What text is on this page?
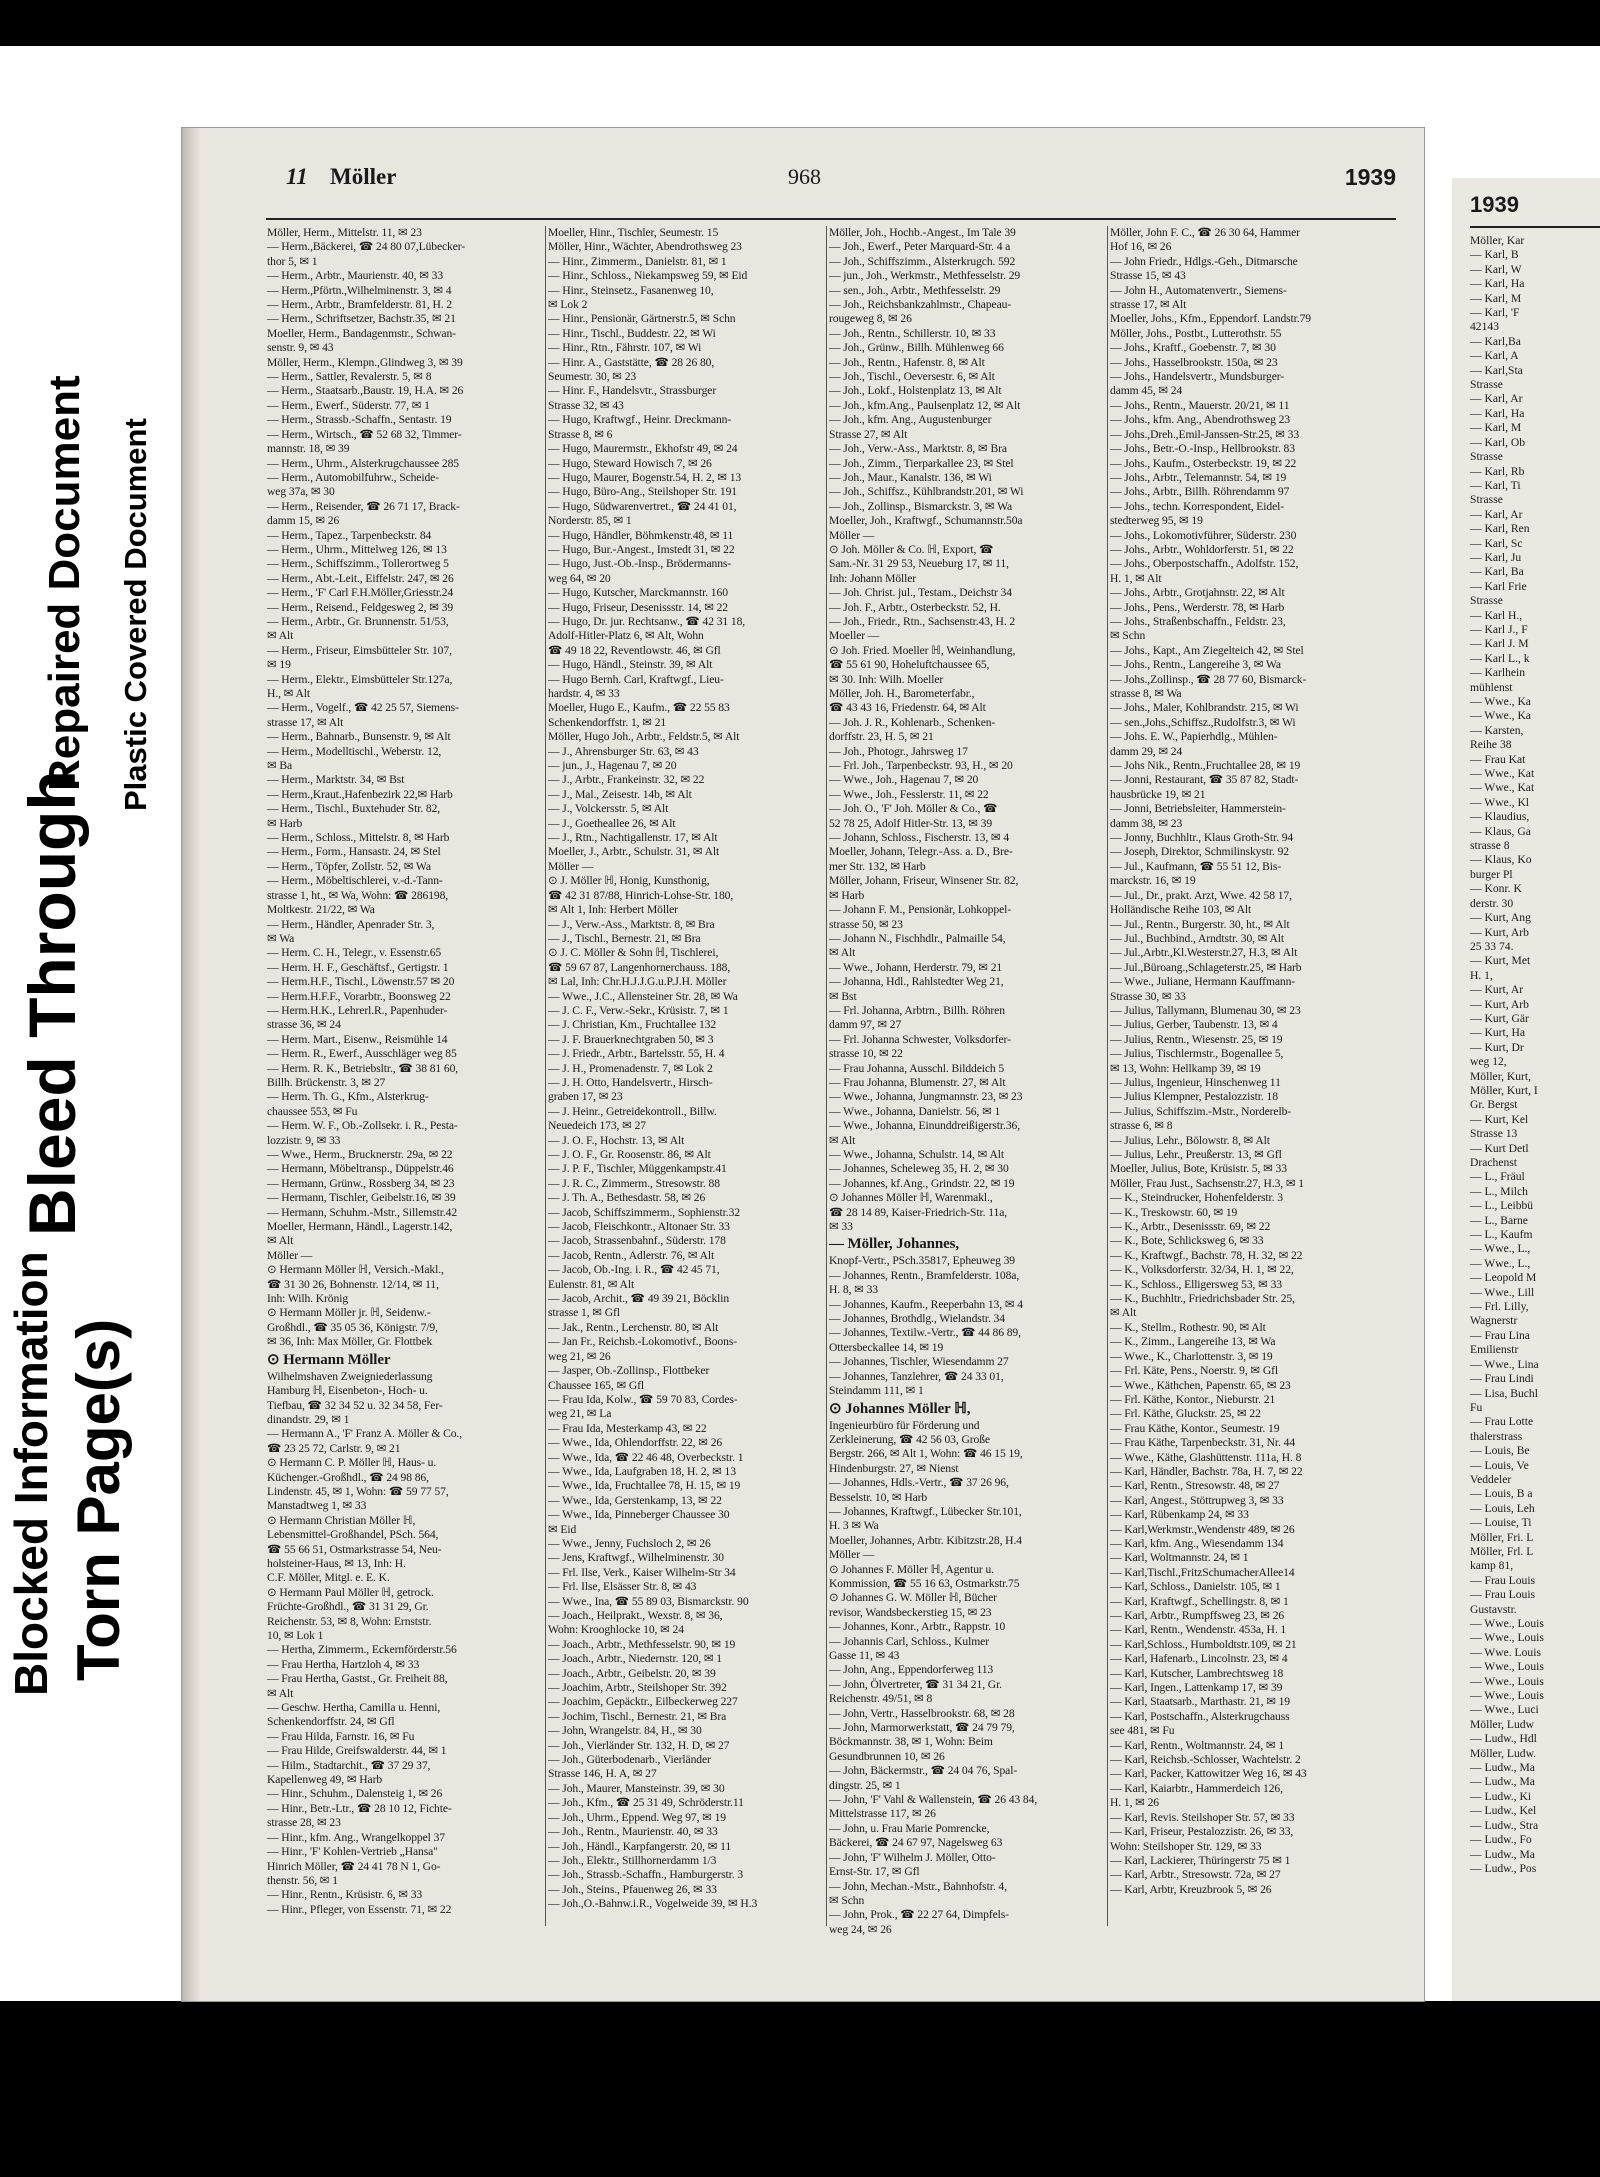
Blocked Information Torn Page(s)
Bleed Through
Repaired Document Plastic Covered Document
11 Möller	968	1939
Möller, Herm., Mittelstr. 11, ✉ 23
— Herm.,Bäckerei, ☎ 24 80 07,Lübecker-
thor 5, ✉ 1
— Herm., Arbtr., Maurienstr. 40, ✉ 33
— Herm.,Pförtn.,Wilhelminenstr. 3, ✉ 4
— Herm., Arbtr., Bramfelderstr. 81, H. 2
— Herm., Schriftsetzer, Bachstr.35, ✉ 21
Moeller, Herm., Bandagenmstr., Schwan-
senstr. 9, ✉ 43
Möller, Herm., Klempn.,Glindweg 3, ✉ 39
— Herm., Sattler, Revalerstr. 5, ✉ 8
— Herm., Staatsarb.,Baustr. 19, H.A. ✉ 26
— Herm., Ewerf., Süderstr. 77, ✉ 1
— Herm., Strassb.-Schaffn., Sentastr. 19
— Herm., Wirtsch., ☎ 52 68 32, Timmer-
mannstr. 18, ✉ 39
— Herm., Uhrm., Alsterkrugchaussee 285
— Herm., Automobilfuhrw., Scheide-
weg 37a, ✉ 30
— Herm., Reisender, ☎ 26 71 17, Brack-
damm 15, ✉ 26
— Herm., Tapez., Tarpenbeckstr. 84
— Herm., Uhrm., Mittelweg 126, ✉ 13
— Herm., Schiffszimm., Tollerortweg 5
— Herm., Abt.-Leit., Eiffelstr. 247, ✉ 26
— Herm., 'F' Carl F.H.Möller,Griesstr.24
— Herm., Reisend., Feldgesweg 2, ✉ 39
— Herm., Arbtr., Gr. Brunnenstr. 51/53,
✉ Alt
— Herm., Friseur, Eimsbütteler Str. 107,
✉ 19
— Herm., Elektr., Eimsbütteler Str.127a,
H., ✉ Alt
— Herm., Vogelf., ☎ 42 25 57, Siemens-
strasse 17, ✉ Alt
— Herm., Bahnarb., Bunsenstr. 9, ✉ Alt
— Herm., Modelltischl., Weberstr. 12,
✉ Ba
— Herm., Marktstr. 34, ✉ Bst
— Herm.,Kraut.,Hafenbezirk 22,✉ Harb
— Herm., Tischl., Buxtehuder Str. 82,
✉ Harb
— Herm., Schloss., Mittelstr. 8, ✉ Harb
— Herm., Form., Hansastr. 24, ✉ Stel
— Herm., Töpfer, Zollstr. 52, ✉ Wa
— Herm., Möbeltischlerei, v.-d.-Tann-
strasse 1, ht., ✉ Wa, Wohn: ☎ 286198,
Moltkestr. 21/22, ✉ Wa
— Herm., Händler, Apenrader Str. 3,
✉ Wa
— Herm. C. H., Telegr., v. Essenstr.65
— Herm. H. F., Geschäftsf., Gertigstr. 1
— Herm.H.F., Tischl., Löwenstr.57 ✉ 20
— Herm.H.F.F., Vorarbtr., Boonsweg 22
— Herm.H.K., Lehrerl.R., Papenhuder-
strasse 36, ✉ 24
— Herm. Mart., Eisenw., Reismühle 14
— Herm. R., Ewerf., Ausschläger weg 85
— Herm. R. K., Betriebsltr., ☎ 38 81 60,
Billh. Brückenstr. 3, ✉ 27
— Herm. Th. G., Kfm., Alsterkrug-
chaussee 553, ✉ Fu
— Herm. W. F., Ob.-Zollsekr. i. R., Pesta-
lozzistr. 9, ✉ 33
— Wwe., Herm., Brucknerstr. 29a, ✉ 22
— Hermann, Möbeltransp., Düppelstr.46
— Hermann, Grünw., Rossberg 34, ✉ 23
— Hermann, Tischler, Geibelstr.16, ✉ 39
— Hermann, Schuhm.-Mstr., Sillemstr.42
Moeller, Hermann, Händl., Lagerstr.142,
✉ Alt
Möller —
⊙ Hermann Möller ℍ, Versich.-Makl.,
☎ 31 30 26, Bohnenstr. 12/14, ✉ 11,
Inh: Wilh. Krönig
⊙ Hermann Möller jr. ℍ, Seidenw.-
Großhdl., ☎ 35 05 36, Königstr. 7/9,
✉ 36, Inh: Max Möller, Gr. Flottbek
⊙ Hermann Möller
Wilhelmshaven Zweigniederlassung
Hamburg ℍ, Eisenbeton-, Hoch- u.
Tiefbau, ☎ 32 34 52 u. 32 34 58, Fer-
dinandstr. 29, ✉ 1
— Hermann A., 'F' Franz A. Möller & Co.,
☎ 23 25 72, Carlstr. 9, ✉ 21
⊙ Hermann C. P. Möller ℍ, Haus- u.
Küchenger.-Großhdl., ☎ 24 98 86,
Lindenstr. 45, ✉ 1, Wohn: ☎ 59 77 57,
Manstadtweg 1, ✉ 33
⊙ Hermann Christian Möller ℍ,
Lebensmittel-Großhandel, PSch. 564,
☎ 55 66 51, Ostmarkstrasse 54, Neu-
holsteiner-Haus, ✉ 13, Inh: H.
C.F. Möller, Mitgl. e. E. K.
⊙ Hermann Paul Möller ℍ, getrock.
Früchte-Großhdl., ☎ 31 31 29, Gr.
Reichenstr. 53, ✉ 8, Wohn: Ernststr.
10, ✉ Lok 1
— Hertha, Zimmerm., Eckernförderstr.56
— Frau Hertha, Hartzloh 4, ✉ 33
— Frau Hertha, Gastst., Gr. Freiheit 88,
✉ Alt
— Geschw. Hertha, Camilla u. Henni,
Schenkendorffstr. 24, ✉ Gfl
— Frau Hilda, Farnstr. 16, ✉ Fu
— Frau Hilde, Greifswalderstr. 44, ✉ 1
— Hilm., Stadtarchit., ☎ 37 29 37,
Kapellenweg 49, ✉ Harb
— Hinr., Schuhm., Dalensteig 1, ✉ 26
— Hinr., Betr.-Ltr., ☎ 28 10 12, Fichte-
strasse 28, ✉ 23
— Hinr., kfm. Ang., Wrangelkoppel 37
— Hinr., 'F' Kohlen-Vertrieb „Hansa"
Hinrich Möller, ☎ 24 41 78 N 1, Go-
thenstr. 56, ✉ 1
— Hinr., Rentn., Krüsistr. 6, ✉ 33
— Hinr., Pfleger, von Essenstr. 71, ✉ 22
Moeller, Hinr., Tischler, Seumestr. 15
Möller, Hinr., Wächter, Abendrothsweg 23
— Hinr., Zimmerm., Danielstr. 81, ✉ 1
— Hinr., Schloss., Niekampsweg 59, ✉ Eid
— Hinr., Steinsetz., Fasanenweg 10,
✉ Lok 2
— Hinr., Pensionär, Gärtnerstr.5, ✉ Schn
— Hinr., Tischl., Buddestr. 22, ✉ Wi
— Hinr., Rtn., Fährstr. 107, ✉ Wi
— Hinr. A., Gaststätte, ☎ 28 26 80,
Seumestr. 30, ✉ 23
— Hinr. F., Handelsvtr., Strassburger
Strasse 32, ✉ 43
— Hugo, Kraftwgf., Heinr. Dreckmann-
Strasse 8, ✉ 6
— Hugo, Maurermstr., Ekhofstr 49, ✉ 24
— Hugo, Steward Howisch 7, ✉ 26
— Hugo, Maurer, Bogenstr.54, H. 2, ✉ 13
— Hugo, Büro-Ang., Steilshoper Str. 191
— Hugo, Südwarenvertret., ☎ 24 41 01,
Norderstr. 85, ✉ 1
— Hugo, Händler, Böhmkenstr.48, ✉ 11
— Hugo, Bur.-Angest., Imstedt 31, ✉ 22
— Hugo, Just.-Ob.-Insp., Brödermanns-
weg 64, ✉ 20
— Hugo, Kutscher, Marckmannstr. 160
— Hugo, Friseur, Desenissstr. 14, ✉ 22
— Hugo, Dr. jur. Rechtsanw., ☎ 42 31 18,
Adolf-Hitler-Platz 6, ✉ Alt, Wohn
☎ 49 18 22, Reventlowstr. 46, ✉ Gfl
— Hugo, Händl., Steinstr. 39, ✉ Alt
— Hugo Bernh. Carl, Kraftwgf., Lieu-
hardstr. 4, ✉ 33
Moeller, Hugo E., Kaufm., ☎ 22 55 83
Schenkendorffstr. 1, ✉ 21
Möller, Hugo Joh., Arbtr., Feldstr.5, ✉ Alt
— J., Ahrensburger Str. 63, ✉ 43
— jun., J., Hagenau 7, ✉ 20
— J., Arbtr., Frankeinstr. 32, ✉ 22
— J., Mal., Zeisestr. 14b, ✉ Alt
— J., Volckersstr. 5, ✉ Alt
— J., Goetheallee 26, ✉ Alt
— J., Rtn., Nachtigallenstr. 17, ✉ Alt
Moeller, J., Arbtr., Schulstr. 31, ✉ Alt
Möller —
⊙ J. Möller ℍ, Honig, Kunsthonig,
☎ 42 31 87/88, Hinrich-Lohse-Str. 180,
✉ Alt 1, Inh: Herbert Möller
— J., Verw.-Ass., Marktstr. 8, ✉ Bra
— J., Tischl., Bernestr. 21, ✉ Bra
⊙ J. C. Möller & Sohn ℍ, Tischlerei,
☎ 59 67 87, Langenhornerchauss. 188,
✉ Lal, Inh: Chr.H.J.J.G.u.P.J.H. Möller
— Wwe., J.C., Allensteiner Str. 28, ✉ Wa
— J. C. F., Verw.-Sekr., Krüsistr. 7, ✉ 1
— J. Christian, Km., Fruchtallee 132
— J. F. Brauerknechtgraben 50, ✉ 3
— J. Friedr., Arbtr., Bartelsstr. 55, H. 4
— J. H., Promenadenstr. 7, ✉ Lok 2
— J. H. Otto, Handelsvertr., Hirsch-
graben 17, ✉ 23
— J. Heinr., Getreidekontroll., Billw.
Neuedeich 173, ✉ 27
— J. O. F., Hochstr. 13, ✉ Alt
— J. O. F., Gr. Roosenstr. 86, ✉ Alt
— J. P. F., Tischler, Müggenkampstr.41
— J. R. C., Zimmerm., Stresowstr. 88
— J. Th. A., Bethesdastr. 58, ✉ 26
— Jacob, Schiffszimmerm., Sophienstr.32
— Jacob, Fleischkontr., Altonaer Str. 33
— Jacob, Strassenbahnf., Süderstr. 178
— Jacob, Rentn., Adlerstr. 76, ✉ Alt
— Jacob, Ob.-Ing. i. R., ☎ 42 45 71,
Eulenstr. 81, ✉ Alt
— Jacob, Archit., ☎ 49 39 21, Böcklin
strasse 1, ✉ Gfl
— Jak., Rentn., Lerchenstr. 80, ✉ Alt
— Jan Fr., Reichsb.-Lokomotivf., Boons-
weg 21, ✉ 26
— Jasper, Ob.-Zollinsp., Flottbeker
Chaussee 165, ✉ Gfl
— Frau Ida, Kolw., ☎ 59 70 83, Cordes-
weg 21, ✉ La
— Frau Ida, Mesterkamp 43, ✉ 22
— Wwe., Ida, Ohlendorffstr. 22, ✉ 26
— Wwe., Ida, ☎ 22 46 48, Overbeckstr. 1
— Wwe., Ida, Laufgraben 18, H. 2, ✉ 13
— Wwe., Ida, Fruchtallee 78, H. 15, ✉ 19
— Wwe., Ida, Gerstenkamp, 13, ✉ 22
— Wwe., Ida, Pinneberger Chaussee 30
✉ Eid
— Wwe., Jenny, Fuchsloch 2, ✉ 26
— Jens, Kraftwgf., Wilhelminenstr. 30
— Frl. Ilse, Verk., Kaiser Wilhelm-Str 34
— Frl. Ilse, Elsässer Str. 8, ✉ 43
— Wwe., Ina, ☎ 55 89 03, Bismarckstr. 90
— Joach., Heilprakt., Wexstr. 8, ✉ 36,
Wohn: Krooghlocke 10, ✉ 24
— Joach., Arbtr., Methfesselstr. 90, ✉ 19
— Joach., Arbtr., Niedernstr. 120, ✉ 1
— Joach., Arbtr., Geibelstr. 20, ✉ 39
— Joachim, Arbtr., Steilshoper Str. 392
— Joachim, Gepäcktr., Eilbeckerweg 227
— Jochim, Tischl., Bernestr. 21, ✉ Bra
— John, Wrangelstr. 84, H., ✉ 30
— Joh., Vierländer Str. 132, H. D, ✉ 27
— Joh., Güterbodenarb., Vierländer
Strasse 146, H. A, ✉ 27
— Joh., Maurer, Mansteinstr. 39, ✉ 30
— Joh., Kfm., ☎ 25 31 49, Schröderstr.11
— Joh., Uhrm., Eppend. Weg 97, ✉ 19
— Joh., Rentn., Maurienstr. 40, ✉ 33
— Joh., Händl., Karpfangerstr. 20, ✉ 11
— Joh., Elektr., Stillhornerdamm 1/3
— Joh., Strassb.-Schaffn., Hamburgerstr. 3
— Joh., Steins., Pfauenweg 26, ✉ 33
— Joh.,O.-Bahnw.i.R., Vogelweide 39, ✉ H.3
Möller, Joh., Hochb.-Angest., Im Tale 39
— Joh., Ewerf., Peter Marquard-Str. 4 a
— Joh., Schiffszimm., Alsterkrugch. 592
— jun., Joh., Werkmstr., Methfesselstr. 29
— sen., Joh., Arbtr., Methfesselstr. 29
— Joh., Reichsbankzahlmstr., Chapeau-
rougeweg 8, ✉ 26
— Joh., Rentn., Schillerstr. 10, ✉ 33
— Joh., Grünw., Billh. Mühlenweg 66
— Joh., Rentn., Hafenstr. 8, ✉ Alt
— Joh., Tischl., Oeversestr. 6, ✉ Alt
— Joh., Lokf., Holstenplatz 13, ✉ Alt
— Joh., kfm.Ang., Paulsenplatz 12, ✉ Alt
— Joh., kfm. Ang., Augustenburger
Strasse 27, ✉ Alt
— Joh., Verw.-Ass., Marktstr. 8, ✉ Bra
— Joh., Zimm., Tierparkallee 23, ✉ Stel
— Joh., Maur., Kanalstr. 136, ✉ Wi
— Joh., Schiffsz., Kühlbrandstr.201, ✉ Wi
— Joh., Zollinsp., Bismarckstr. 3, ✉ Wa
Moeller, Joh., Kraftwgf., Schumannstr.50a
Möller —
⊙ Joh. Möller & Co. ℍ, Export, ☎
Sam.-Nr. 31 29 53, Neueburg 17, ✉ 11,
Inh: Johann Möller
— Joh. Christ. jul., Testam., Deichstr 34
— Joh. F., Arbtr., Osterbeckstr. 52, H.
— Joh., Friedr., Rtn., Sachsenstr.43, H. 2
Moeller —
⊙ Joh. Fried. Moeller ℍ, Weinhandlung,
☎ 55 61 90, Hoheluftchaussee 65,
✉ 30. Inh: Wilh. Moeller
Möller, Joh. H., Barometerfabr.,
☎ 43 43 16, Friedenstr. 64, ✉ Alt
— Joh. J. R., Kohlenarb., Schenken-
dorffstr. 23, H. 5, ✉ 21
— Joh., Photogr., Jahrsweg 17
— Frl. Joh., Tarpenbeckstr. 93, H., ✉ 20
— Wwe., Joh., Hagenau 7, ✉ 20
— Wwe., Joh., Fesslerstr. 11, ✉ 22
— Joh. O., 'F' Joh. Möller & Co., ☎
52 78 25, Adolf Hitler-Str. 13, ✉ 39
— Johann, Schloss., Fischerstr. 13, ✉ 4
Moeller, Johann, Telegr.-Ass. a. D., Bre-
mer Str. 132, ✉ Harb
Möller, Johann, Friseur, Winsener Str. 82,
✉ Harb
— Johann F. M., Pensionär, Lohkoppel-
strasse 50, ✉ 23
— Johann N., Fischhdlr., Palmaille 54,
✉ Alt
— Wwe., Johann, Herderstr. 79, ✉ 21
— Johanna, Hdl., Rahlstedter Weg 21,
✉ Bst
— Frl. Johanna, Arbtrn., Billh. Röhren
damm 97, ✉ 27
— Frl. Johanna Schwester, Volksdorfer-
strasse 10, ✉ 22
— Frau Johanna, Ausschl. Bilddeich 5
— Frau Johanna, Blumenstr. 27, ✉ Alt
— Wwe., Johanna, Jungmannstr. 23, ✉ 23
— Wwe., Johanna, Danielstr. 56, ✉ 1
— Wwe., Johanna, Einunddreißigerstr.36,
✉ Alt
— Wwe., Johanna, Schulstr. 14, ✉ Alt
— Johannes, Scheleweg 35, H. 2, ✉ 30
— Johannes, kf.Ang., Grindstr. 22, ✉ 19
⊙ Johannes Möller ℍ, Warenmakl.,
☎ 28 14 89, Kaiser-Friedrich-Str. 11a,
✉ 33
— Möller, Johannes,
Knopf-Vertr., PSch.35817, Epheuweg 39
— Johannes, Rentn., Bramfelderstr. 108a,
H. 8, ✉ 33
— Johannes, Kaufm., Reeperbahn 13, ✉ 4
— Johannes, Brothdlg., Wielandstr. 34
— Johannes, Textilw.-Vertr., ☎ 44 86 89,
Ottersbeckallee 14, ✉ 19
— Johannes, Tischler, Wiesendamm 27
— Johannes, Tanzlehrer, ☎ 24 33 01,
Steindamm 111, ✉ 1
⊙ Johannes Möller ℍ,
Ingenieurbüro für Förderung und
Zerkleinerung, ☎ 42 56 03, Große
Bergstr. 266, ✉ Alt 1, Wohn: ☎ 46 15 19,
Hindenburgstr. 27, ✉ Nienst
— Johannes, Hdls.-Vertr., ☎ 37 26 96,
Besselstr. 10, ✉ Harb
— Johannes, Kraftwgf., Lübecker Str.101,
H. 3 ✉ Wa
Moeller, Johannes, Arbtr. Kibitzstr.28, H.4
Möller —
⊙ Johannes F. Möller ℍ, Agentur u.
Kommission, ☎ 55 16 63, Ostmarkstr.75
⊙ Johannes G. W. Möller ℍ, Bücher
revisor, Wandsbeckerstieg 15, ✉ 23
— Johannes, Konr., Arbtr., Rappstr. 10
— Johannis Carl, Schloss., Kulmer
Gasse 11, ✉ 43
— John, Ang., Eppendorferweg 113
— John, Ölvertreter, ☎ 31 34 21, Gr.
Reichenstr. 49/51, ✉ 8
— John, Vertr., Hasselbrookstr. 68, ✉ 28
— John, Marmorwerkstatt, ☎ 24 79 79,
Böckmannstr. 38, ✉ 1, Wohn: Beim
Gesundbrunnen 10, ✉ 26
— John, Bäckermstr., ☎ 24 04 76, Spal-
dingstr. 25, ✉ 1
— John, 'F' Vahl & Wallenstein, ☎ 26 43 84,
Mittelstrasse 117, ✉ 26
— John, u. Frau Marie Pomrencke,
Bäckerei, ☎ 24 67 97, Nagelsweg 63
— John, 'F' Wilhelm J. Möller, Otto-
Ernst-Str. 17, ✉ Gfl
— John, Mechan.-Mstr., Bahnhofstr. 4,
✉ Schn
— John, Prok., ☎ 22 27 64, Dimpfels-
weg 24, ✉ 26
Möller, John F. C., ☎ 26 30 64, Hammer
Hof 16, ✉ 26
— John Friedr., Hdlgs.-Geh., Ditmarsche
Strasse 15, ✉ 43
— John H., Automatenvertr., Siemens-
strasse 17, ✉ Alt
Moeller, Johs., Kfm., Eppendorf. Landstr.79
Möller, Johs., Postbt., Lutterothstr. 55
— Johs., Kraftf., Goebenstr. 7, ✉ 30
— Johs., Hasselbrookstr. 150a, ✉ 23
— Johs., Handelsvertr., Mundsburger-
damm 45, ✉ 24
— Johs., Rentn., Mauerstr. 20/21, ✉ 11
— Johs., kfm. Ang., Abendrothsweg 23
— Johs.,Dreh.,Emil-Janssen-Str.25, ✉ 33
— Johs., Betr.-O.-Insp., Hellbrookstr. 83
— Johs., Kaufm., Osterbeckstr. 19, ✉ 22
— Johs., Arbtr., Telemannstr. 54, ✉ 19
— Johs., Arbtr., Billh. Röhrendamm 97
— Johs., techn. Korrespondent, Eidel-
stedterweg 95, ✉ 19
— Johs., Lokomotivführer, Süderstr. 230
— Johs., Arbtr., Wohldorferstr. 51, ✉ 22
— Johs., Oberpostschaffn., Adolfstr. 152,
H. 1, ✉ Alt
— Johs., Arbtr., Grotjahnstr. 22, ✉ Alt
— Johs., Pens., Werderstr. 78, ✉ Harb
— Johs., Straßenbschaffn., Feldstr. 23,
✉ Schn
— Johs., Kapt., Am Ziegelteich 42, ✉ Stel
— Johs., Rentn., Langereihe 3, ✉ Wa
— Johs.,Zollinsp., ☎ 28 77 60, Bismarck-
strasse 8, ✉ Wa
— Johs., Maler, Kohlbrandstr. 215, ✉ Wi
— sen.,Johs.,Schiffsz.,Rudolfstr.3, ✉ Wi
— Johs. E. W., Papierhdlg., Mühlen-
damm 29, ✉ 24
— Johs Nik., Rentn.,Fruchtallee 28, ✉ 19
— Jonni, Restaurant, ☎ 35 87 82, Stadt-
hausbrücke 19, ✉ 21
— Jonni, Betriebsleiter, Hammerstein-
damm 38, ✉ 23
— Jonny, Buchhltr., Klaus Groth-Str. 94
— Joseph, Direktor, Schmilinskystr. 92
— Jul., Kaufmann, ☎ 55 51 12, Bis-
marckstr. 16, ✉ 19
— Jul., Dr., prakt. Arzt, Wwe. 42 58 17,
Holländische Reihe 103, ✉ Alt
— Jul., Rentn., Burgerstr. 30, ht., ✉ Alt
— Jul., Buchbind., Arndtstr. 30, ✉ Alt
— Jul.,Arbtr.,Kl.Westerstr.27, H.3, ✉ Alt
— Jul.,Büroang.,Schlageterstr.25, ✉ Harb
— Wwe., Juliane, Hermann Kauffmann-
Strasse 30, ✉ 33
— Julius, Tallymann, Blumenau 30, ✉ 23
— Julius, Gerber, Taubenstr. 13, ✉ 4
— Julius, Rentn., Wiesenstr. 25, ✉ 19
— Julius, Tischlermstr., Bogenallee 5,
✉ 13, Wohn: Hellkamp 39, ✉ 19
— Julius, Ingenieur, Hinschenweg 11
— Julius Klempner, Pestalozzistr. 18
— Julius, Schiffszim.-Mstr., Norderelb-
strasse 6, ✉ 8
— Julius, Lehr., Bölowstr. 8, ✉ Alt
— Julius, Lehr., Preußerstr. 13, ✉ Gfl
Moeller, Julius, Bote, Krüsistr. 5, ✉ 33
Möller, Frau Just., Sachsenstr.27, H.3, ✉ 1
— K., Steindrucker, Hohenfelderstr. 3
— K., Treskowstr. 60, ✉ 19
— K., Arbtr., Desenissstr. 69, ✉ 22
— K., Bote, Schlicksweg 6, ✉ 33
— K., Kraftwgf., Bachstr. 78, H. 32, ✉ 22
— K., Volksdorferstr. 32/34, H. 1, ✉ 22,
— K., Schloss., Elligersweg 53, ✉ 33
— K., Buchhltr., Friedrichsbader Str. 25,
✉ Alt
— K., Stellm., Rothestr. 90, ✉ Alt
— K., Zimm., Langereihe 13, ✉ Wa
— Wwe., K., Charlottenstr. 3, ✉ 19
— Frl. Käte, Pens., Noerstr. 9, ✉ Gfl
— Wwe., Käthchen, Papenstr. 65, ✉ 23
— Frl. Käthe, Kontor., Nieburstr. 21
— Frl. Käthe, Gluckstr. 25, ✉ 22
— Frau Käthe, Kontor., Seumestr. 19
— Frau Käthe, Tarpenbeckstr. 31, Nr. 44
— Wwe., Käthe, Glashüttenstr. 111a, H. 8
— Karl, Händler, Bachstr. 78a, H. 7, ✉ 22
— Karl, Rentn., Stresowstr. 48, ✉ 27
— Karl, Angest., Stöttrupweg 3, ✉ 33
— Karl, Rübenkamp 24, ✉ 33
— Karl,Werkmstr.,Wendenstr 489, ✉ 26
— Karl, kfm. Ang., Wiesendamm 134
— Karl, Woltmannstr. 24, ✉ 1
— Karl,Tischl.,FritzSchumacherAllee14
— Karl, Schloss., Danielstr. 105, ✉ 1
— Karl, Kraftwgf., Schellingstr. 8, ✉ 1
— Karl, Arbtr., Rumpffsweg 23, ✉ 26
— Karl, Rentn., Wendenstr. 453a, H. 1
— Karl,Schloss., Humboldtstr.109, ✉ 21
— Karl, Hafenarb., Lincolnstr. 23, ✉ 4
— Karl, Kutscher, Lambrechtsweg 18
— Karl, Ingen., Lattenkamp 17, ✉ 39
— Karl, Staatsarb., Marthastr. 21, ✉ 19
— Karl, Postschaffn., Alsterkrugchauss
see 481, ✉ Fu
— Karl, Rentn., Woltmannstr. 24, ✉ 1
— Karl, Reichsb.-Schlosser, Wachtelstr. 2
— Karl, Packer, Kattowitzer Weg 16, ✉ 43
— Karl, Kaiarbtr., Hammerdeich 126,
H. 1, ✉ 26
— Karl, Revis. Steilshoper Str. 57, ✉ 33
— Karl, Friseur, Pestalozzistr. 26, ✉ 33,
Wohn: Steilshoper Str. 129, ✉ 33
— Karl, Lackierer, Thüringerstr 75 ✉ 1
— Karl, Arbtr., Stresowstr. 72a, ✉ 27
— Karl, Arbtr, Kreuzbrook 5, ✉ 26
1939
Möller, Kar
— Karl, B
— Karl, W
— Karl, Ha
— Karl, M
— Karl, 'F
42143
— Karl,Ba
— Karl, A
— Karl,Sta
Strasse
— Karl, Ar
— Karl, Ha
— Karl, M
— Karl, Ob
Strasse
— Karl, Rb
— Karl, Ti
Strasse
— Karl, Ar
— Karl, Ren
— Karl, Sc
— Karl, Ju
— Karl, Ba
— Karl Frie
Strasse
— Karl H.,
— Karl J., F
— Karl J. M
— Karl L., k
— Karlhein
mühlenst
— Wwe., Ka
— Wwe., Ka
— Karsten,
Reihe 38
— Frau Kat
— Wwe., Kat
— Wwe., Kat
— Wwe., Kl
— Klaudius,
— Klaus, Ga
strasse 8
— Klaus, Ko
burger Pl
— Konr. K
derstr. 30
— Kurt, Ang
— Kurt, Arb
25 33 74.
— Kurt, Met
H. 1,
— Kurt, Ar
— Kurt, Arb
— Kurt, Gär
— Kurt, Ha
— Kurt, Dr
weg 12,
Möller, Kurt,
Möller, Kurt, I
Gr. Bergst
— Kurt, Kel
Strasse 13
— Kurt Detl
Drachenst
— L., Fräul
— L., Milch
— L., Leibbü
— L., Barne
— L., Kaufm
— Wwe., L.,
— Wwe., L.,
— Leopold M
— Wwe., Lill
— Frl. Lilly,
Wagnerstr
— Frau Lina
Emilienstr
— Wwe., Lina
— Frau Lindi
— Lisa, Buchl
Fu
— Frau Lotte
thalerstrass
— Louis, Be
— Louis, Ve
Veddeler
— Louis, B a
— Louis, Leh
— Louise, Ti
Möller, Fri. L
Möller, Frl. L
kamp 81,
— Frau Louis
— Frau Louis
Gustavstr.
— Wwe., Louis
— Wwe., Louis
— Wwe. Louis
— Wwe., Louis
— Wwe., Louis
— Wwe., Louis
— Wwe., Luci
Möller, Ludw
— Ludw., Hdl
Möller, Ludw.
— Ludw., Ma
— Ludw., Ma
— Ludw., Ki
— Ludw., Kel
— Ludw., Stra
— Ludw., Fo
— Ludw., Ma
— Ludw., Pos
